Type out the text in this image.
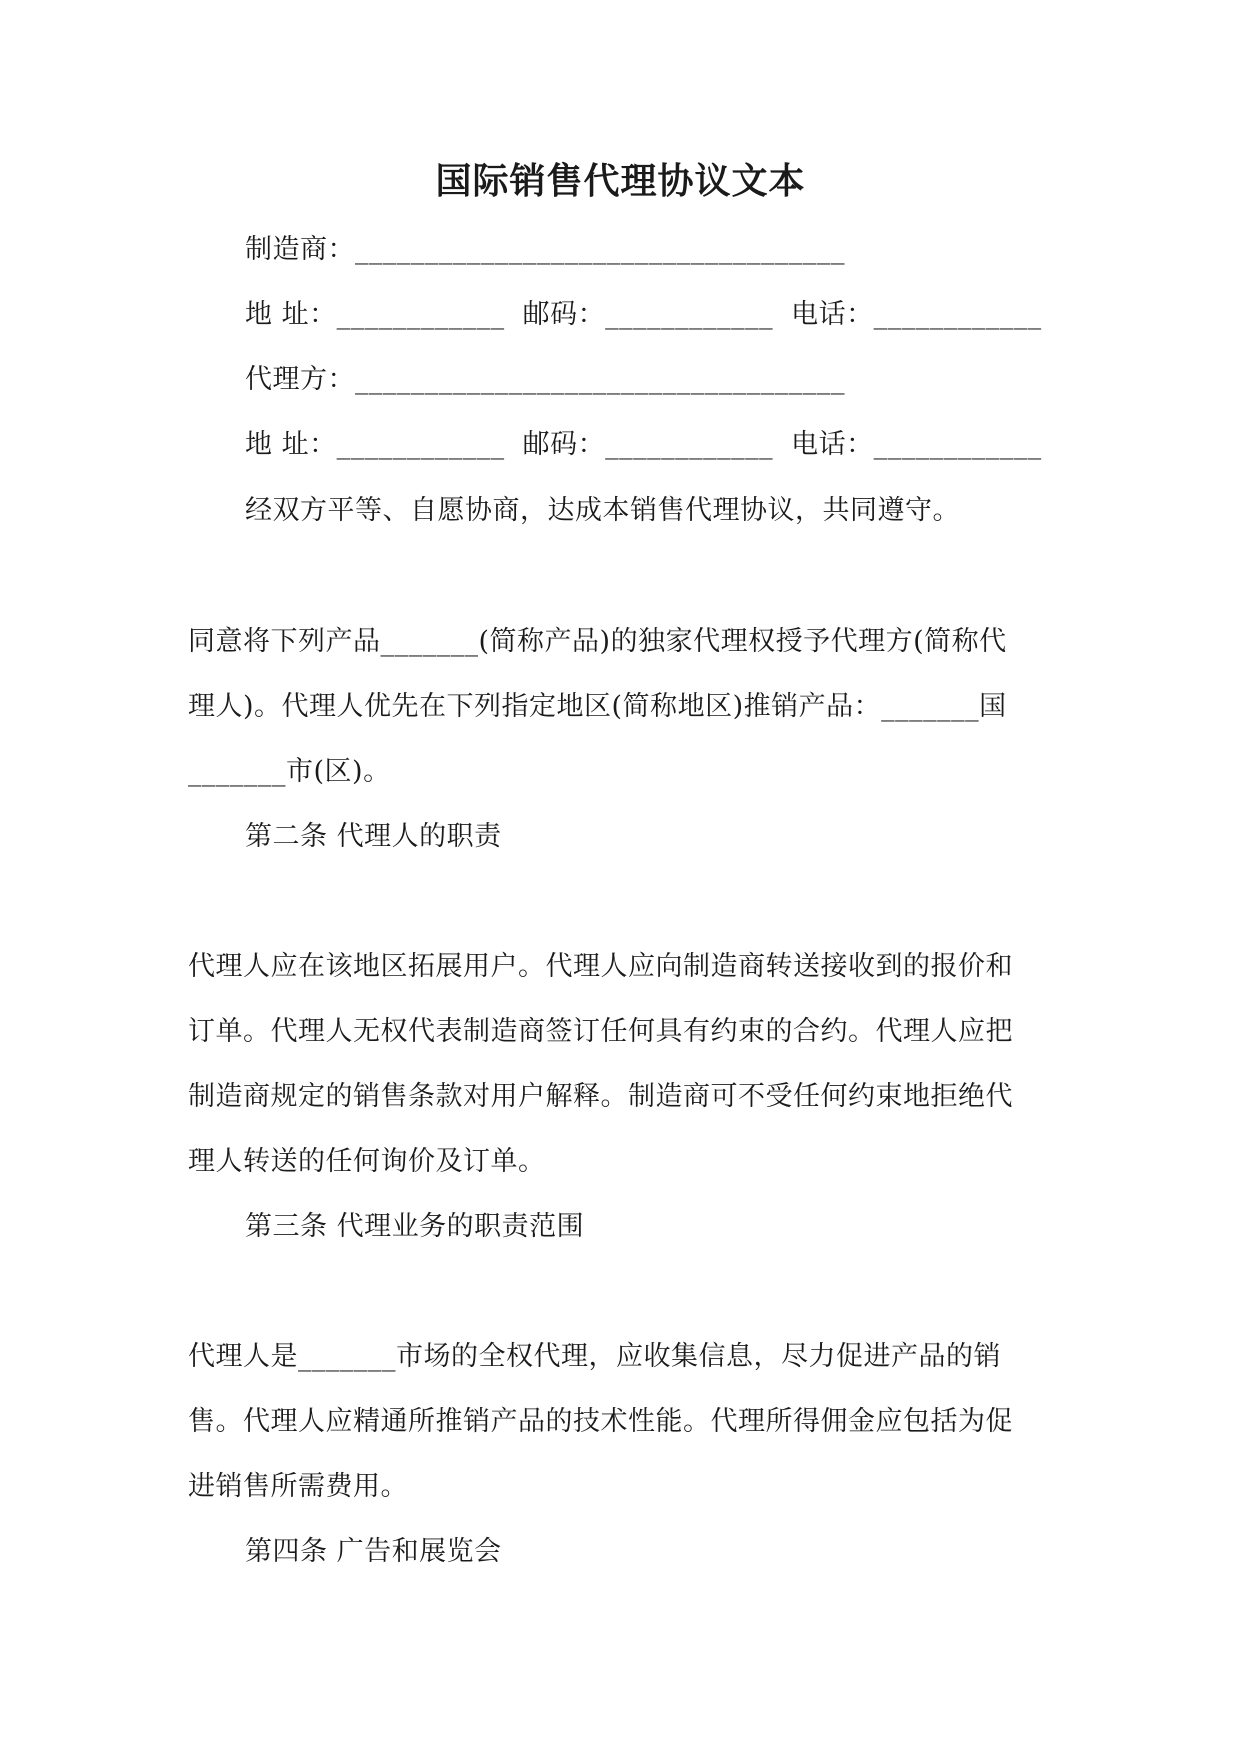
国际销售代理协议文本
制造商：___________________________________
地 址：____________ 邮码：____________ 电话：____________
代理方：___________________________________
地 址：____________ 邮码：____________ 电话：____________
经双方平等、自愿协商，达成本销售代理协议，共同遵守。
同意将下列产品_______(简称产品)的独家代理权授予代理方(简称代
理人)。代理人优先在下列指定地区(简称地区)推销产品：_______国
_______市(区)。
第二条 代理人的职责
代理人应在该地区拓展用户。代理人应向制造商转送接收到的报价和
订单。代理人无权代表制造商签订任何具有约束的合约。代理人应把
制造商规定的销售条款对用户解释。制造商可不受任何约束地拒绝代
理人转送的任何询价及订单。
第三条 代理业务的职责范围
代理人是_______市场的全权代理，应收集信息，尽力促进产品的销
售。代理人应精通所推销产品的技术性能。代理所得佣金应包括为促
进销售所需费用。
第四条 广告和展览会
